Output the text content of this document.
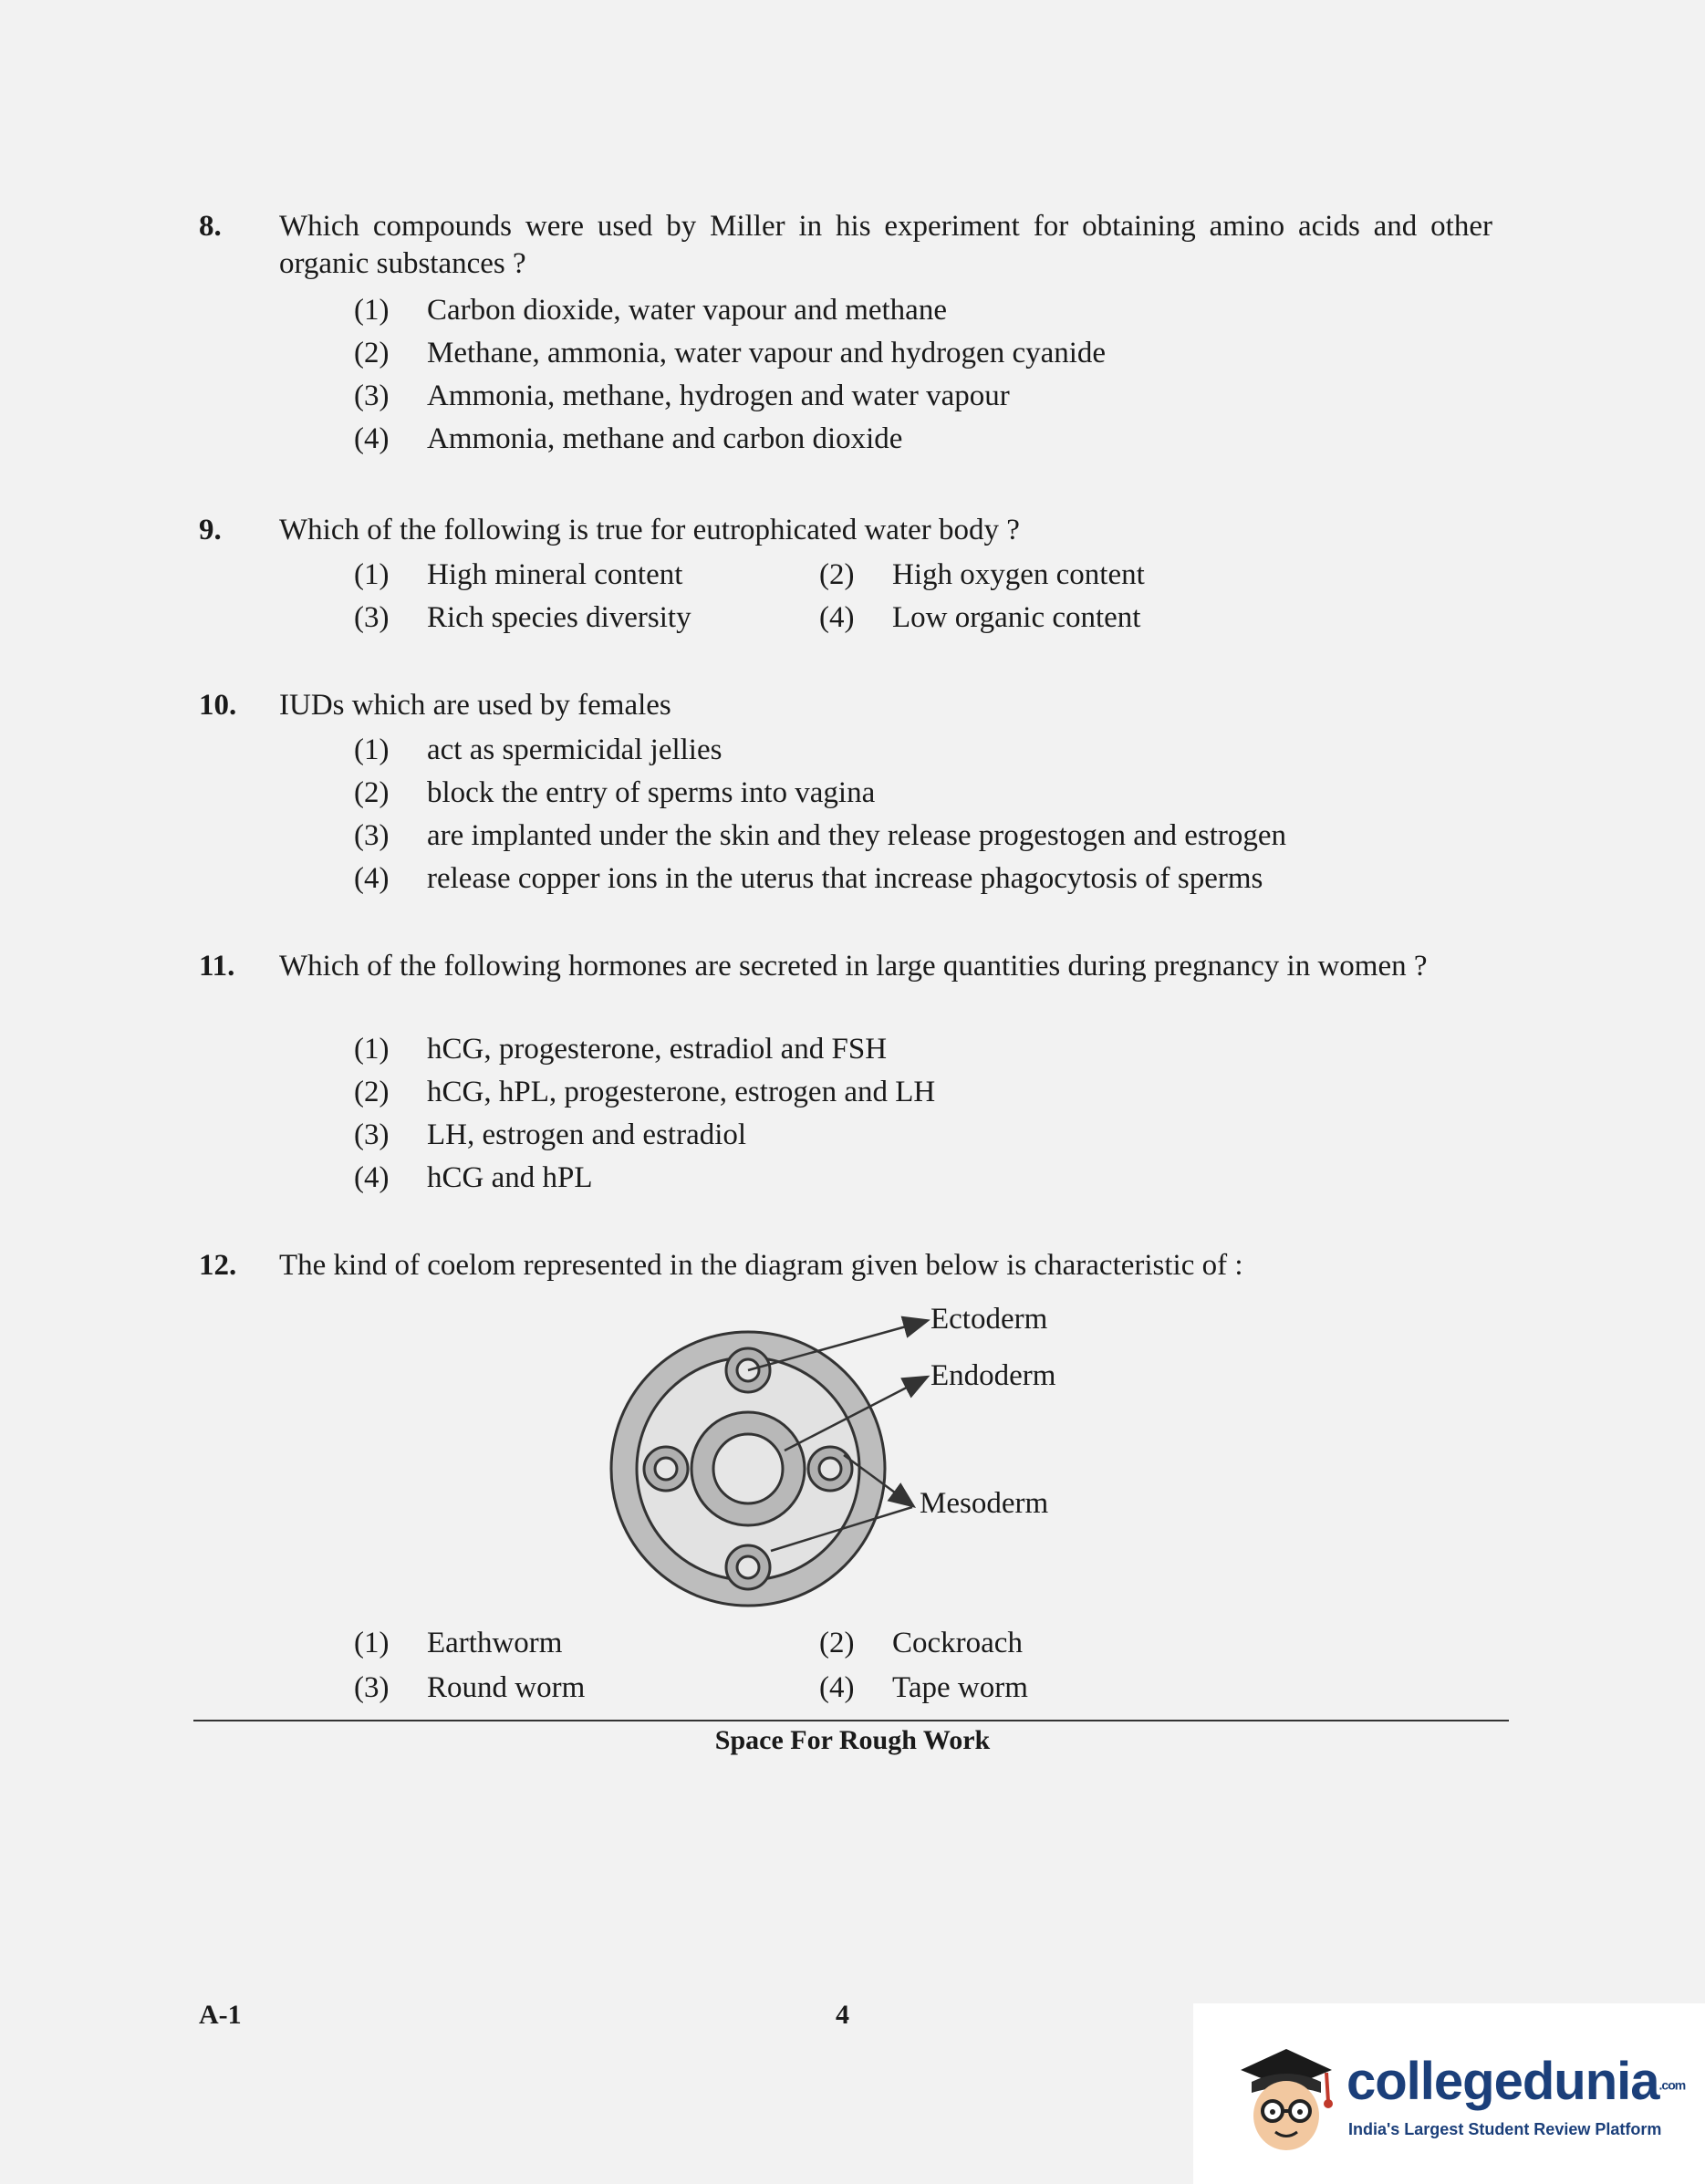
8. Which compounds were used by Miller in his experiment for obtaining amino acids and other organic substances ?
(1) Carbon dioxide, water vapour and methane
(2) Methane, ammonia, water vapour and hydrogen cyanide
(3) Ammonia, methane, hydrogen and water vapour
(4) Ammonia, methane and carbon dioxide
9. Which of the following is true for eutrophicated water body ?
(1) High mineral content	(2) High oxygen content
(3) Rich species diversity	(4) Low organic content
10. IUDs which are used by females
(1) act as spermicidal jellies
(2) block the entry of sperms into vagina
(3) are implanted under the skin and they release progestogen and estrogen
(4) release copper ions in the uterus that increase phagocytosis of sperms
11. Which of the following hormones are secreted in large quantities during pregnancy in women ?
(1) hCG, progesterone, estradiol and FSH
(2) hCG, hPL, progesterone, estrogen and LH
(3) LH, estrogen and estradiol
(4) hCG and hPL
12. The kind of coelom represented in the diagram given below is characteristic of :
Ectoderm
Endoderm
Mesoderm
(1) Earthworm	(2) Cockroach
(3) Round worm	(4) Tape worm
Space For Rough Work
A-1	4
collegedunia.com
India's Largest Student Review Platform
